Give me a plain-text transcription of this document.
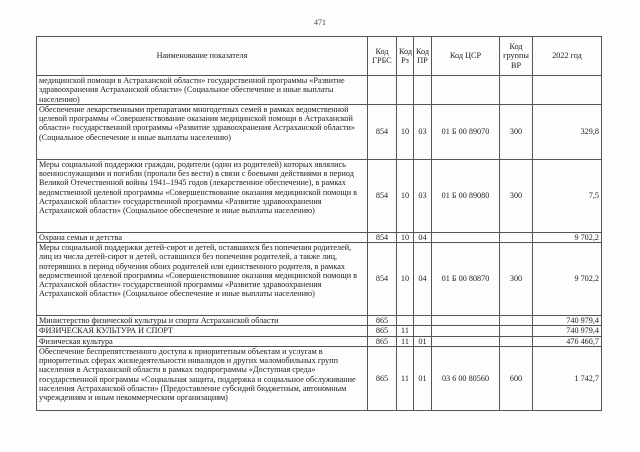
471
Наименование показателя	Код ГРБС	Код Рз	Код ПР	Код ЦСР	Код группы ВР	2022 год
медицинской помощи в Астраханской области» государственной программы «Развитие здравоохранения Астраханской области» (Социальное обеспечение и иные выплаты населению)						
Обеспечение лекарственными препаратами многодетных семей в рамках ведомственной целевой программы «Совершенствование оказания медицинской помощи в Астраханской области» государственной программы «Развитие здравоохранения Астраханской области» (Социальное обеспечение и иные выплаты населению)	854	10	03	01 Б 00 89070	300	329,8
Меры социальной поддержки граждан, родители (один из родителей) которых являлись военнослужащими и погибли (пропали без вести) в связи с боевыми действиями в период Великой Отечественной войны 1941–1945 годов (лекарственное обеспечение), в рамках ведомственной целевой программы «Совершенствование оказания медицинской помощи в Астраханской области» государственной программы «Развитие здравоохранения Астраханской области» (Социальное обеспечение и иные выплаты населению)	854	10	03	01 Б 00 89080	300	7,5
Охрана семьи и детства	854	10	04			9 702,2
Меры социальной поддержки детей-сирот и детей, оставшихся без попечения родителей, лиц из числа детей-сирот и детей, оставшихся без попечения родителей, а также лиц, потерявших в период обучения обоих родителей или единственного родителя, в рамках ведомственной целевой программы «Совершенствование оказания медицинской помощи в Астраханской области» государственной программы «Развитие здравоохранения Астраханской области» (Социальное обеспечение и иные выплаты населению)	854	10	04	01 Б 00 80870	300	9 702,2
Министерство физической культуры и спорта Астраханской области	865					740 979,4
ФИЗИЧЕСКАЯ КУЛЬТУРА И СПОРТ	865	11				740 979,4
Физическая культура	865	11	01			476 460,7
Обеспечение беспрепятственного доступа к приоритетным объектам и услугам в приоритетных сферах жизнедеятельности инвалидов и других маломобильных групп населения в Астраханской области в рамках подпрограммы «Доступная среда» государственной программы «Социальная защита, поддержка и социальное обслуживание населения Астраханской области» (Предоставление субсидий бюджетным, автономным учреждениям и иным некоммерческим организациям)	865	11	01	03 6 00 80560	600	1 742,7
